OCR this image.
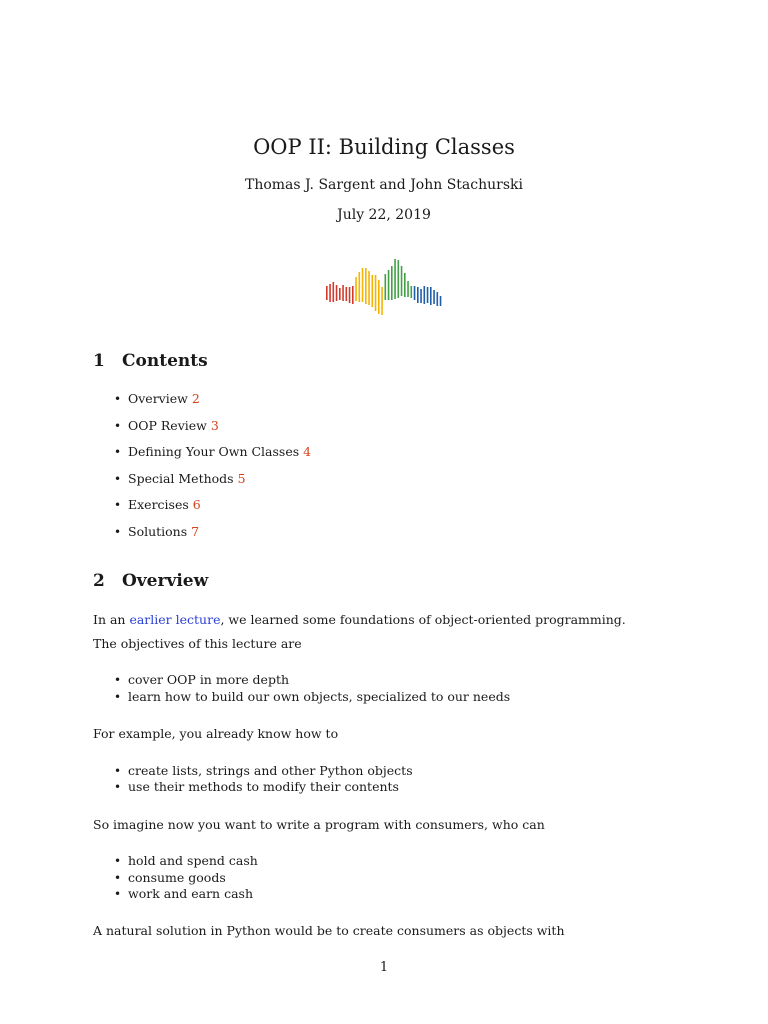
OOP II: Building Classes
Thomas J. Sargent and John Stachurski
July 22, 2019
1 Contents
• Overview 2
• OOP Review 3
• Defining Your Own Classes 4
• Special Methods 5
• Exercises 6
• Solutions 7
2 Overview
In an earlier lecture, we learned some foundations of object-oriented programming.
The objectives of this lecture are
• cover OOP in more depth
• learn how to build our own objects, specialized to our needs
For example, you already know how to
• create lists, strings and other Python objects
• use their methods to modify their contents
So imagine now you want to write a program with consumers, who can
• hold and spend cash
• consume goods
• work and earn cash
A natural solution in Python would be to create consumers as objects with
1
